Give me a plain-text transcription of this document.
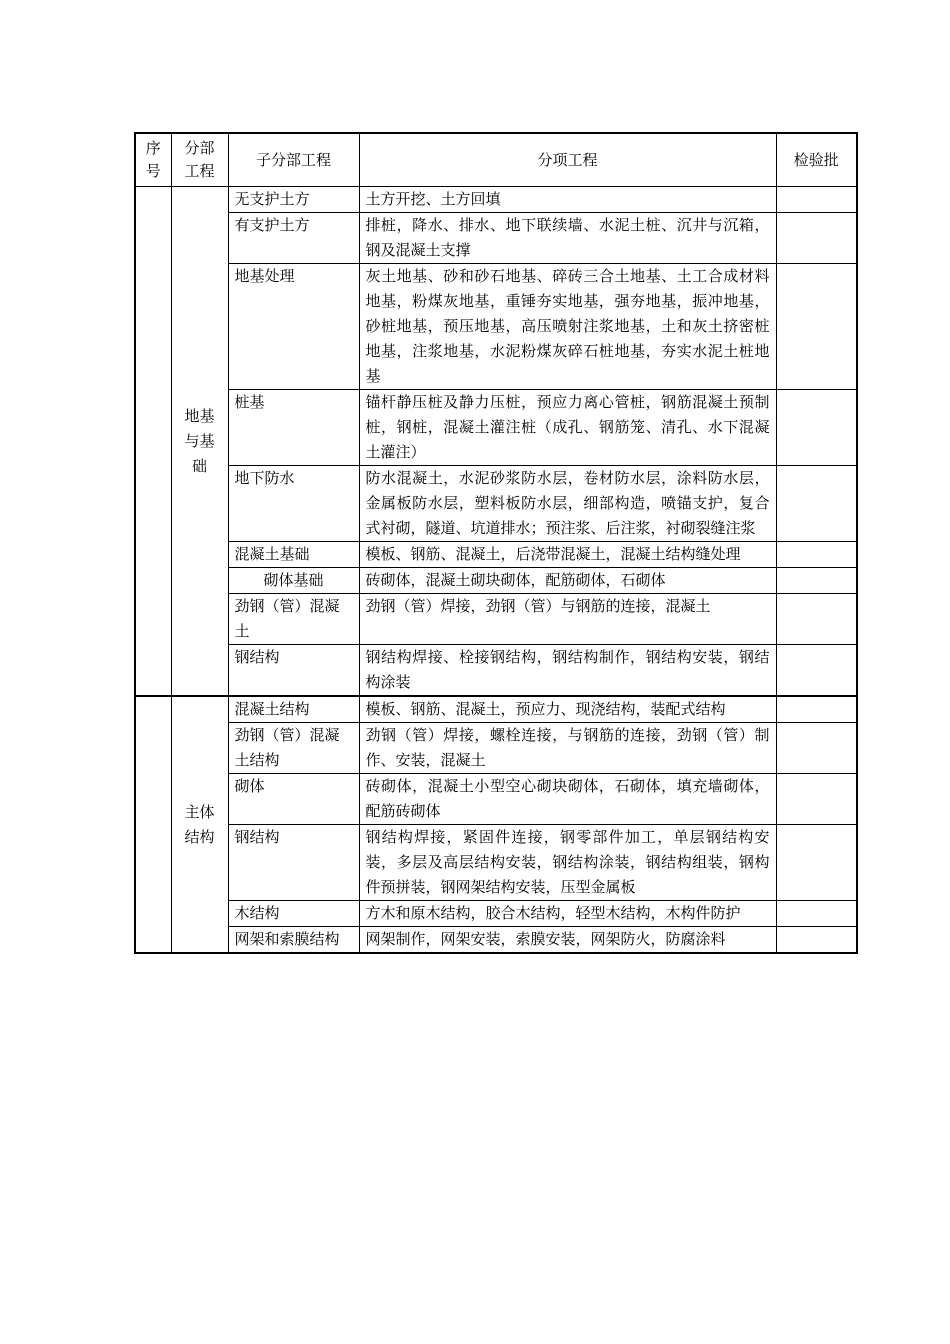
序号	分部工程	子分部工程	分项工程	检验批
	地基与基础	无支护土方	土方开挖、土方回填	
		有支护土方	排桩，降水、排水、地下联续墙、水泥土桩、沉井与沉箱，钢及混凝土支撑	
		地基处理	灰土地基、砂和砂石地基、碎砖三合土地基、土工合成材料地基，粉煤灰地基，重锤夯实地基，强夯地基，振冲地基，砂桩地基，预压地基，高压喷射注浆地基，土和灰土挤密桩地基，注浆地基，水泥粉煤灰碎石桩地基，夯实水泥土桩地基	
		桩基	锚杆静压桩及静力压桩，预应力离心管桩，钢筋混凝土预制桩，钢桩，混凝土灌注桩（成孔、钢筋笼、清孔、水下混凝土灌注）	
		地下防水	防水混凝土，水泥砂浆防水层，卷材防水层，涂料防水层，金属板防水层，塑料板防水层，细部构造，喷锚支护，复合式衬砌，隧道、坑道排水；预注浆、后注浆，衬砌裂缝注浆	
		混凝土基础	模板、钢筋、混凝土，后浇带混凝土，混凝土结构缝处理	
		砌体基础	砖砌体，混凝土砌块砌体，配筋砌体，石砌体	
		劲钢（管）混凝土	劲钢（管）焊接，劲钢（管）与钢筋的连接，混凝土	
		钢结构	钢结构焊接、栓接钢结构，钢结构制作，钢结构安装，钢结构涂装	
	主体结构	混凝土结构	模板、钢筋、混凝土，预应力、现浇结构，装配式结构	
		劲钢（管）混凝土结构	劲钢（管）焊接，螺栓连接，与钢筋的连接，劲钢（管）制作、安装，混凝土	
		砌体	砖砌体，混凝土小型空心砌块砌体，石砌体，填充墙砌体，配筋砖砌体	
		钢结构	钢结构焊接，紧固件连接，钢零部件加工，单层钢结构安装，多层及高层结构安装，钢结构涂装，钢结构组装，钢构件预拼装，钢网架结构安装，压型金属板	
		木结构	方木和原木结构，胶合木结构，轻型木结构，木构件防护	
		网架和索膜结构	网架制作，网架安装，索膜安装，网架防火，防腐涂料	
